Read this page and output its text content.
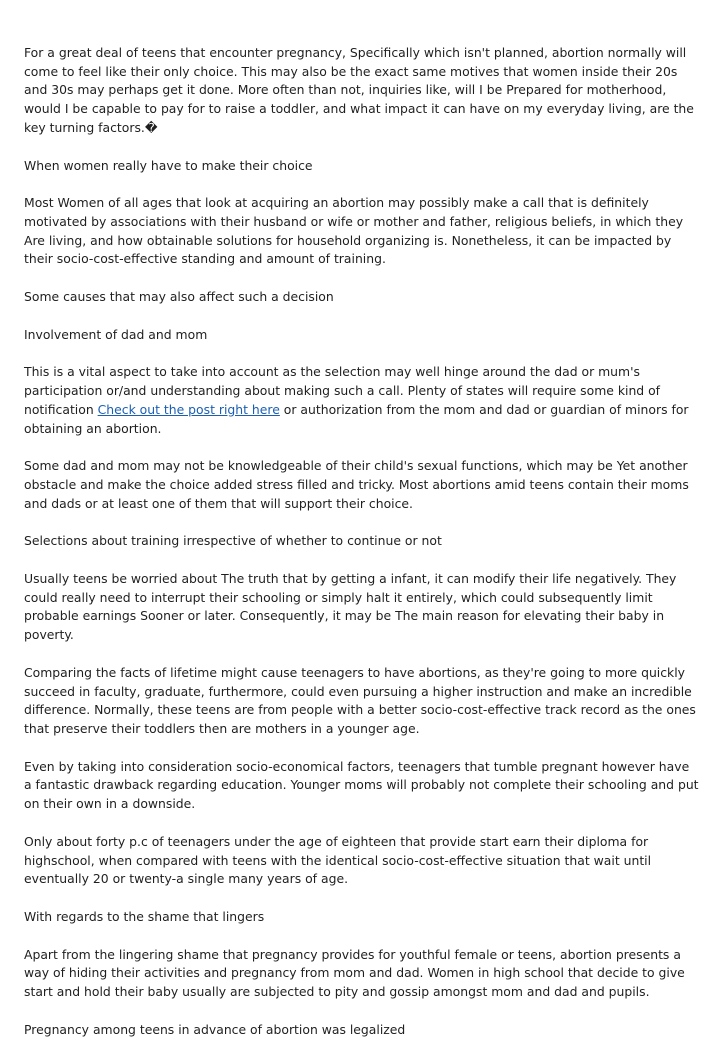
For a great deal of teens that encounter pregnancy, Specifically which isn't planned, abortion normally will come to feel like their only choice. This may also be the exact same motives that women inside their 20s and 30s may perhaps get it done. More often than not, inquiries like, will I be Prepared for motherhood, would I be capable to pay for to raise a toddler, and what impact it can have on my everyday living, are the key turning factors.�

When women really have to make their choice

Most Women of all ages that look at acquiring an abortion may possibly make a call that is definitely motivated by associations with their husband or wife or mother and father, religious beliefs, in which they Are living, and how obtainable solutions for household organizing is. Nonetheless, it can be impacted by their socio-cost-effective standing and amount of training.

Some causes that may also affect such a decision

Involvement of dad and mom

This is a vital aspect to take into account as the selection may well hinge around the dad or mum's participation or/and understanding about making such a call. Plenty of states will require some kind of notification Check out the post right here or authorization from the mom and dad or guardian of minors for obtaining an abortion.

Some dad and mom may not be knowledgeable of their child's sexual functions, which may be Yet another obstacle and make the choice added stress filled and tricky. Most abortions amid teens contain their moms and dads or at least one of them that will support their choice.

Selections about training irrespective of whether to continue or not

Usually teens be worried about The truth that by getting a infant, it can modify their life negatively. They could really need to interrupt their schooling or simply halt it entirely, which could subsequently limit probable earnings Sooner or later. Consequently, it may be The main reason for elevating their baby in poverty.

Comparing the facts of lifetime might cause teenagers to have abortions, as they're going to more quickly succeed in faculty, graduate, furthermore, could even pursuing a higher instruction and make an incredible difference. Normally, these teens are from people with a better socio-cost-effective track record as the ones that preserve their toddlers then are mothers in a younger age.

Even by taking into consideration socio-economical factors, teenagers that tumble pregnant however have a fantastic drawback regarding education. Younger moms will probably not complete their schooling and put on their own in a downside.

Only about forty p.c of teenagers under the age of eighteen that provide start earn their diploma for highschool, when compared with teens with the identical socio-cost-effective situation that wait until eventually 20 or twenty-a single many years of age.

With regards to the shame that lingers

Apart from the lingering shame that pregnancy provides for youthful female or teens, abortion presents a way of hiding their activities and pregnancy from mom and dad. Women in high school that decide to give start and hold their baby usually are subjected to pity and gossip amongst mom and dad and pupils.

Pregnancy among teens in advance of abortion was legalized
